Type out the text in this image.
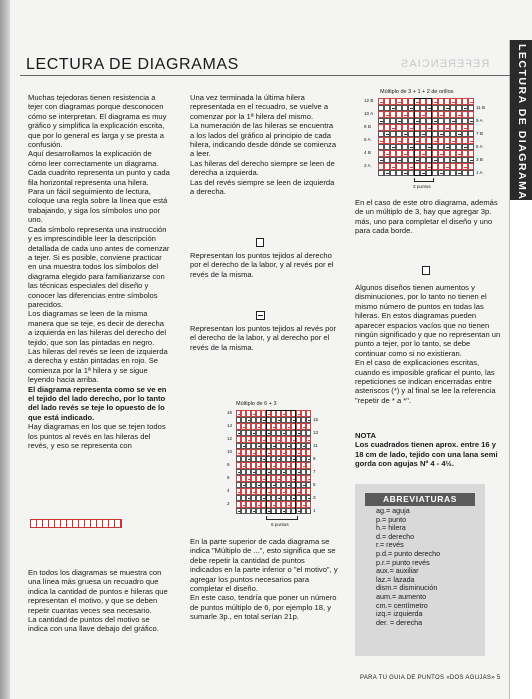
LECTURA DE DIAGRAMAS
LECTURA DE DIAGRAMAS	REFERENCIAS

Muchas tejedoras tienen resistencia a tejer con diagramas porque desconocen cómo se interpretan. El diagrama es muy gráfico y simplifica la explicación escrita, que por lo general es larga y se presta a confusión.

Aquí desarrollamos la explicación de cómo leer correctamente un diagrama.

Cada cuadrito representa un punto y cada fila horizontal representa una hilera.

Para un fácil seguimiento de lectura, coloque una regla sobre la línea que está trabajando, y siga los símbolos uno por uno.

Cada símbolo representa una instrucción y es imprescindible leer la descripción detallada de cada uno antes de comenzar a tejer. Si es posible, conviene practicar en una muestra todos los símbolos del diagrama elegido para familiarizarse con las técnicas especiales del diseño y conocer las diferencias entre símbolos parecidos.

Los diagramas se leen de la misma manera que se teje, es decir de derecha a izquierda en las hileras del derecho del tejido, que son las pintadas en negro.

Las hileras del revés se leen de izquierda a derecha y están pintadas en rojo. Se comienza por la 1ª hilera y se sigue leyendo hacia arriba.

El diagrama representa como se ve en el tejido del lado derecho, por lo tanto del lado revés se teje lo opuesto de lo que está indicado.

Hay diagramas en los que se tejen todos los puntos al revés en las hileras del revés, y eso se representa con

En todos los diagramas se muestra con una línea más gruesa un recuadro que indica la cantidad de puntos e hileras que representan el motivo, y que se deben repetir cuantas veces sea necesario.

La cantidad de puntos del motivo se indica con una llave debajo del gráfico.

Una vez terminada la última hilera representada en el recuadro, se vuelve a comenzar por la 1ª hilera del mismo.

La numeración de las hileras se encuentra a los lados del gráfico al principio de cada hilera, indicando desde dónde se comienza a leer.

Las hileras del derecho siempre se leen de derecha a izquierda.

Las del revés siempre se leen de izquierda a derecha.

Representan los puntos tejidos al derecho por el derecho de la labor, y al revés por el revés de la misma.

Representan los puntos tejidos al revés por el derecho de la labor, y al derecho por el revés de la misma.

Múltiplo de 6 + 3

En la parte superior de cada diagrama se indica "Múltiplo de ...", esto significa que se debe repetir la cantidad de puntos indicados en la parte inferior o "el motivo", y agregar los puntos necesarios para completar el diseño.

En este caso, tendría que poner un número de puntos múltiplo de 6, por ejemplo 18, y sumarle 3p., en total serían 21p.

Múltiplo de 3 + 1 + 2 de orillos

En el caso de este otro diagrama, además de un múltiplo de 3, hay que agregar 3p. más, uno para completar el diseño y uno para cada borde.

Algunos diseños tienen aumentos y disminuciones, por lo tanto no tienen el mismo número de puntos en todas las hileras. En estos diagramas pueden aparecer espacios vacíos que no tienen ningún significado y que no representan un punto a tejer, por lo tanto, se debe continuar como si no existieran.

En el caso de explicaciones escritas, cuando es imposible graficar el punto, las repeticiones se indican encerradas entre asteriscos (*) y al final se lee la referencia "repetir de * a *".

NOTA

Los cuadrados tienen aprox. entre 16 y 18 cm de lado, tejido con una lana semi gorda con agujas Nº 4 - 4½.

ABREVIATURAS
ag.= aguja
p.= punto
h.= hilera
d.= derecho
r.= revés
p.d.= punto derecho
p.r.= punto revés
aux.= auxiliar
laz.= lazada
dism.= disminución
aum.= aumento
cm.= centímetro
izq.= izquierda
der. = derecha
PARA TU GUIA DE PUNTOS «DOS AGUJAS» 5
16
14
12
10
8
6
4
2
15
13
11
9
7
5
3
1
6 puntos
12 B
10 A
8 B
6 A
4 B
2 A
11 B
9 A
7 B
5 A
3 B
1 A
3 puntos
